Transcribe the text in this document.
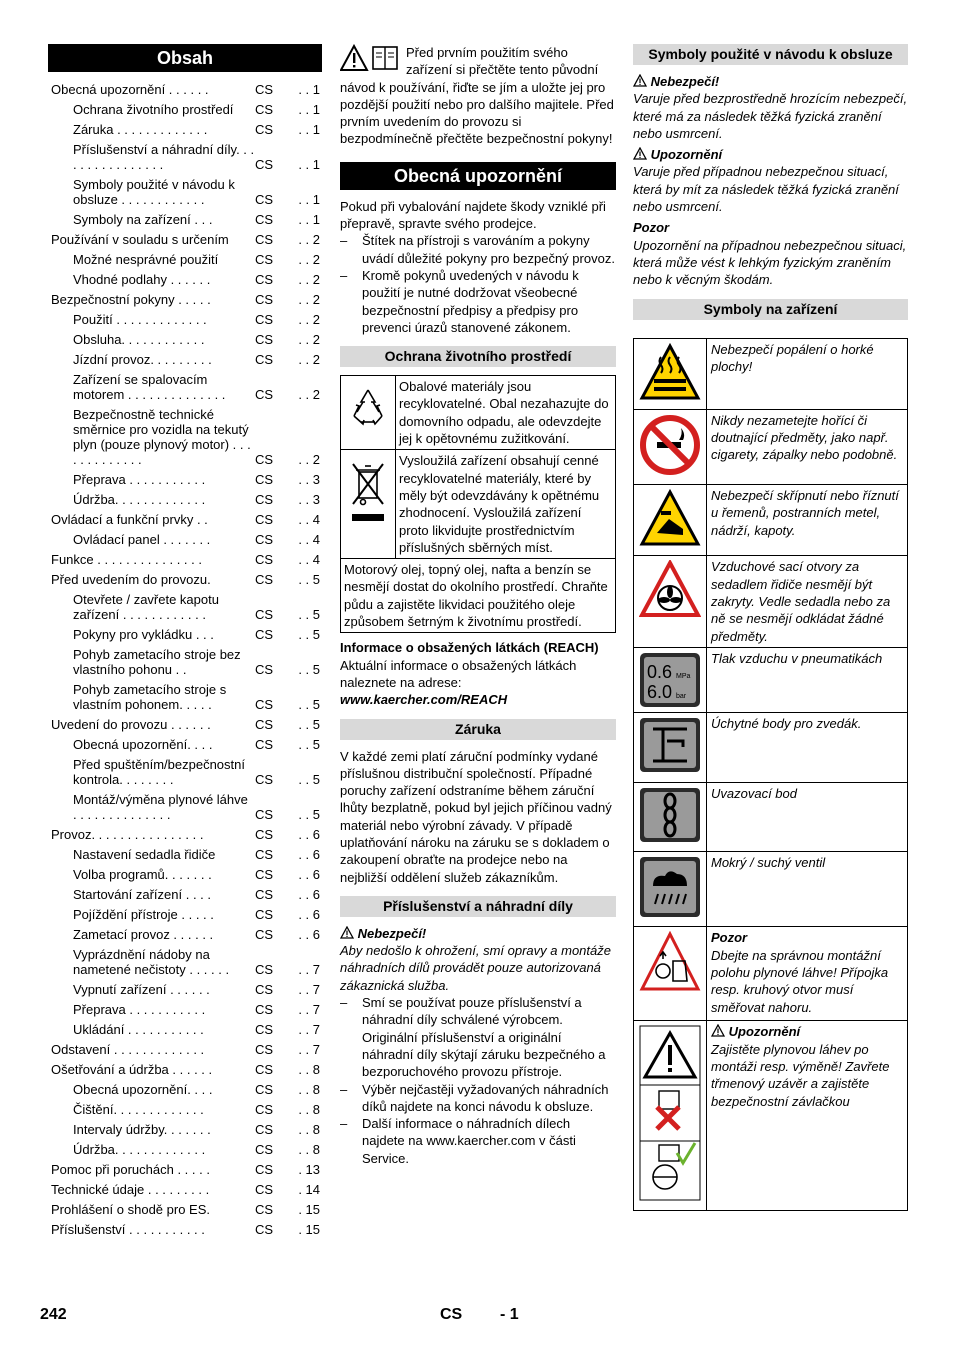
Obsah
Obecná upozornění . . . . . .	CS	. . 1
Ochrana životního prostředí	CS	. . 1
Záruka . . . . . . . . . . . . .	CS	. . 1
Příslušenství a náhradní díly. . . . . . . . . . . . . . . .	CS	. . 1
Symboly použité v návodu k obsluze . . . . . . . . . . . .	CS	. . 1
Symboly na zařízení . . .	CS	. . 1
Používání v souladu s určením	CS	. . 2
Možné nesprávné použití	CS	. . 2
Vhodné podlahy . . . . . .	CS	. . 2
Bezpečnostní pokyny . . . . .	CS	. . 2
Použití . . . . . . . . . . . . .	CS	. . 2
Obsluha. . . . . . . . . . . .	CS	. . 2
Jízdní provoz. . . . . . . . .	CS	. . 2
Zařízení se spalovacím motorem . . . . . . . . . . . . . .	CS	. . 2
Bezpečnostně technické směrnice pro vozidla na tekutý plyn (pouze plynový motor) . . . . . . . . . . . . .	CS	. . 2
Přeprava . . . . . . . . . . .	CS	. . 3
Údržba. . . . . . . . . . . . .	CS	. . 3
Ovládací a funkční prvky . .	CS	. . 4
Ovládací panel . . . . . . .	CS	. . 4
Funkce . . . . . . . . . . . . . . .	CS	. . 4
Před uvedením do provozu.	CS	. . 5
Otevřete / zavřete kapotu zařízení . . . . . . . . . . . .	CS	. . 5
Pokyny pro vykládku . . .	CS	. . 5
Pohyb zametacího stroje bez vlastního pohonu . .	CS	. . 5
Pohyb zametacího stroje s vlastním pohonem. . . . .	CS	. . 5
Uvedení do provozu . . . . . .	CS	. . 5
Obecná upozornění. . . .	CS	. . 5
Před spuštěním/bezpečnostní kontrola. . . . . . . .	CS	. . 5
Montáž/výměna plynové láhve . . . . . . . . . . . . . .	CS	. . 5
Provoz. . . . . . . . . . . . . . . .	CS	. . 6
Nastavení sedadla řidiče	CS	. . 6
Volba programů. . . . . . .	CS	. . 6
Startování zařízení . . . .	CS	. . 6
Pojíždění přístroje . . . . .	CS	. . 6
Zametací provoz . . . . . .	CS	. . 6
Vyprázdnění nádoby na nametené nečistoty . . . . . .	CS	. . 7
Vypnutí zařízení . . . . . .	CS	. . 7
Přeprava . . . . . . . . . . .	CS	. . 7
Ukládání . . . . . . . . . . .	CS	. . 7
Odstavení . . . . . . . . . . . . .	CS	. . 7
Ošetřování a údržba . . . . . .	CS	. . 8
Obecná upozornění. . . .	CS	. . 8
Čištění. . . . . . . . . . . . .	CS	. . 8
Intervaly údržby. . . . . . .	CS	. . 8
Údržba. . . . . . . . . . . . .	CS	. . 8
Pomoc při poruchách . . . . .	CS	. 13
Technické údaje . . . . . . . . .	CS	. 14
Prohlášení o shodě pro ES.	CS	. 15
Příslušenství . . . . . . . . . . .	CS	. 15

Před prvním použitím svého zařízení si přečtěte tento původní návod k používání, řiďte se jím a uložte jej pro pozdější použití nebo pro dalšího majitele. Před prvním uvedením do provozu si bezpodmínečně přečtěte bezpečnostní pokyny!

Obecná upozornění

Pokud při vybalování najdete škody vzniklé při přepravě, spravte svého prodejce.

– Štítek na přístroji s varováním a pokyny uvádí důležité pokyny pro bezpečný provoz.
– Kromě pokynů uvedených v návodu k použití je nutné dodržovat všeobecné bezpečnostní předpisy a předpisy pro prevenci úrazů stanovené zákonem.
Ochrana životního prostředí
	Obalové materiály jsou recyklovatelné. Obal nezahazujte do domovního odpadu, ale odevzdejte jej k opětovnému zužitkování.
	Vysloužilá zařízení obsahují cenné recyklovatelné materiály, které by měly být odevzdávány k opětnému zhodnocení. Vysloužilá zařízení proto likvidujte prostřednictvím příslušných sběrných míst.
Motorový olej, topný olej, nafta a benzín se nesmějí dostat do okolního prostředí. Chraňte půdu a zajistěte likvidaci použitého oleje způsobem šetrným k životnímu prostředí.	

Informace o obsažených látkách (REACH)

Aktuální informace o obsažených látkách naleznete na adrese:

www.kaercher.com/REACH

Záruka

V každé zemi platí záruční podmínky vydané příslušnou distribuční společností. Případné poruchy zařízení odstraníme během záruční lhůty bezplatně, pokud byl jejich příčinou vadný materiál nebo výrobní závady. V případě uplatňování nároku na záruku se s dokladem o zakoupení obraťte na prodejce nebo na nejbližší oddělení služeb zákazníkům.

Příslušenství a náhradní díly

Nebezpečí!

Aby nedošlo k ohrožení, smí opravy a montáže náhradních dílů provádět pouze autorizovaná zákaznická služba.

– Smí se používat pouze příslušenství a náhradní díly schválené výrobcem. Originální příslušenství a originální náhradní díly skýtají záruku bezpečného a bezporuchového provozu přístroje.
– Výběr nejčastěji vyžadovaných náhradních díků najdete na konci návodu k obsluze.
– Další informace o náhradních dílech najdete na www.kaercher.com v části Service.
Symboly použité v návodu k obsluze

Nebezpečí!

Varuje před bezprostředně hrozícím nebezpečí, které má za následek těžká fyzická zranění nebo usmrcení.

Upozornění

Varuje před případnou nebezpečnou situací, která by mít za následek těžká fyzická zranění nebo usmrcení.

Pozor

Upozornění na případnou nebezpečnou situaci, která může vést k lehkým fyzickým zraněním nebo k věcným škodám.

Symboly na zařízení
	Nebezpečí popálení o horké plochy!
	Nikdy nezametejte hořící či doutnající předměty, jako např. cigarety, zápalky nebo podobně.
	Nebezpečí skřípnutí nebo říznutí u řemenů, postranních metel, nádrží, kapoty.
	Vzduchové sací otvory za sedadlem řidiče nesmějí být zakryty. Vedle sedadla nebo za ně se nesmějí odkládat žádné předměty.

0.6 MPa
6.0 bar	Tlak vzduchu v pneumatikách
	Úchytné body pro zvedák.
	Uvazovací bod
	Mokrý / suchý ventil

Pozor
Dbejte na správnou montážní polohu plynové láhve! Přípojka resp. kruhový otvor musí směřovat nahoru.

Upozornění
Zajistěte plynovou láhev po montáži resp. výměně! Zavřete třmenový uzávěr a zajistěte bezpečnostní závlačkou
242	CS - 1
